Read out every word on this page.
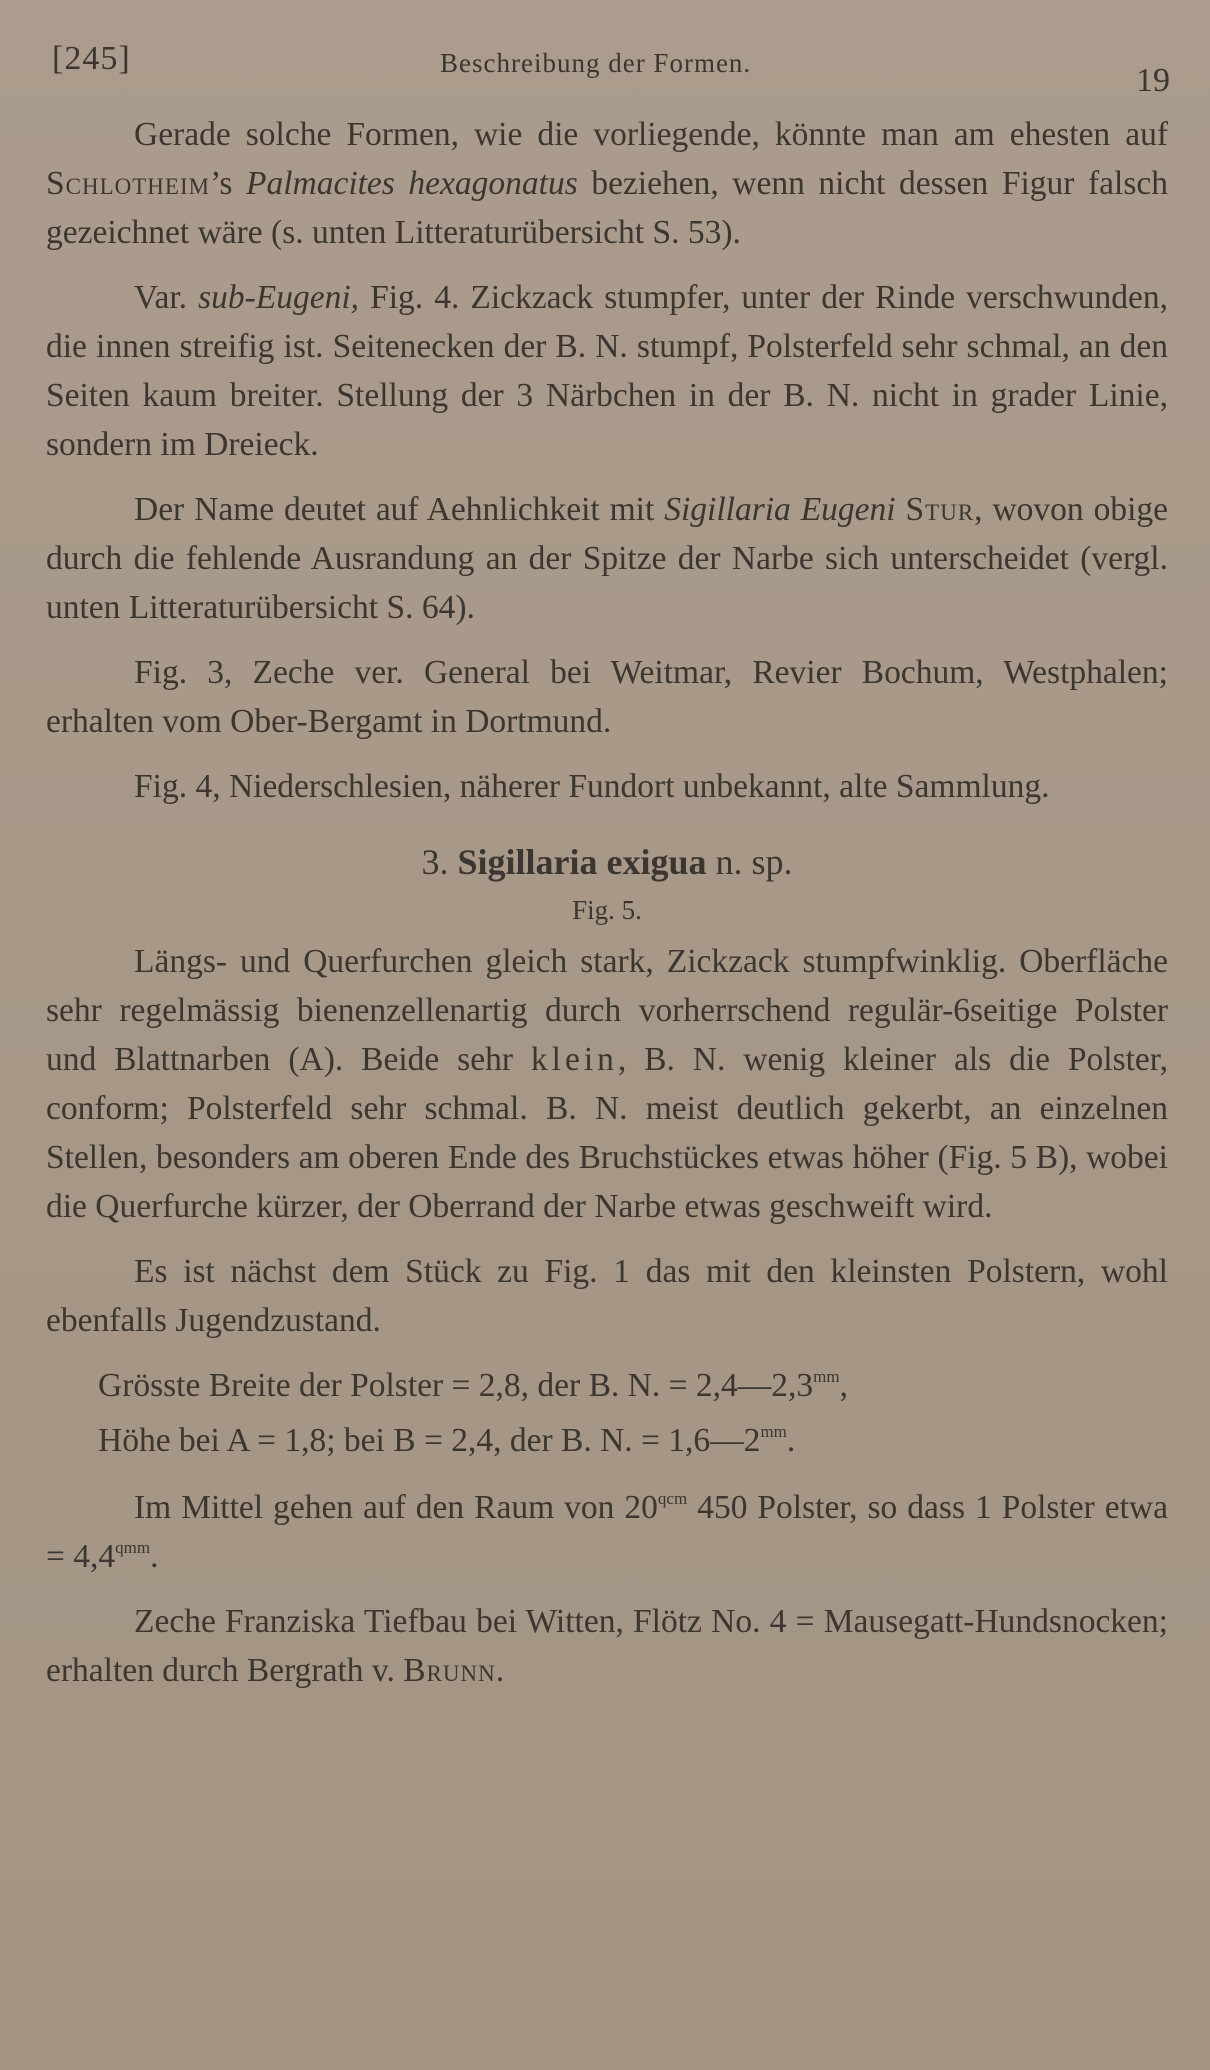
[245]	Beschreibung der Formen.	19

Gerade solche Formen, wie die vorliegende, könnte man am ehesten auf Schlotheim’s Palmacites hexagonatus beziehen, wenn nicht dessen Figur falsch gezeichnet wäre (s. unten Litteraturübersicht S. 53).

Var. sub-Eugeni, Fig. 4. Zickzack stumpfer, unter der Rinde verschwunden, die innen streifig ist. Seitenecken der B. N. stumpf, Polsterfeld sehr schmal, an den Seiten kaum breiter. Stellung der 3 Närbchen in der B. N. nicht in grader Linie, sondern im Dreieck.

Der Name deutet auf Aehnlichkeit mit Sigillaria Eugeni Stur, wovon obige durch die fehlende Ausrandung an der Spitze der Narbe sich unterscheidet (vergl. unten Litteraturübersicht S. 64).

Fig. 3, Zeche ver. General bei Weitmar, Revier Bochum, Westphalen; erhalten vom Ober-Bergamt in Dortmund.

Fig. 4, Niederschlesien, näherer Fundort unbekannt, alte Sammlung.

3. Sigillaria exigua n. sp.
Fig. 5.

Längs- und Querfurchen gleich stark, Zickzack stumpfwinklig. Oberfläche sehr regelmässig bienenzellenartig durch vorherrschend regulär-6seitige Polster und Blattnarben (A). Beide sehr klein, B. N. wenig kleiner als die Polster, conform; Polsterfeld sehr schmal. B. N. meist deutlich gekerbt, an einzelnen Stellen, besonders am oberen Ende des Bruchstückes etwas höher (Fig. 5 B), wobei die Querfurche kürzer, der Oberrand der Narbe etwas geschweift wird.

Es ist nächst dem Stück zu Fig. 1 das mit den kleinsten Polstern, wohl ebenfalls Jugendzustand.

Grösste Breite der Polster = 2,8, der B. N. = $2,4—2,3^{mm}$,
Höhe bei A = 1,8; bei B = 2,4, der B. N. = $1,6—2^{mm}$.

Im Mittel gehen auf den Raum von $20^{qcm}$ 450 Polster, so dass 1 Polster etwa = $4,4^{qmm}$.

Zeche Franziska Tiefbau bei Witten, Flötz No. 4 = Mausegatt-Hundsnocken; erhalten durch Bergrath v. Brunn.
